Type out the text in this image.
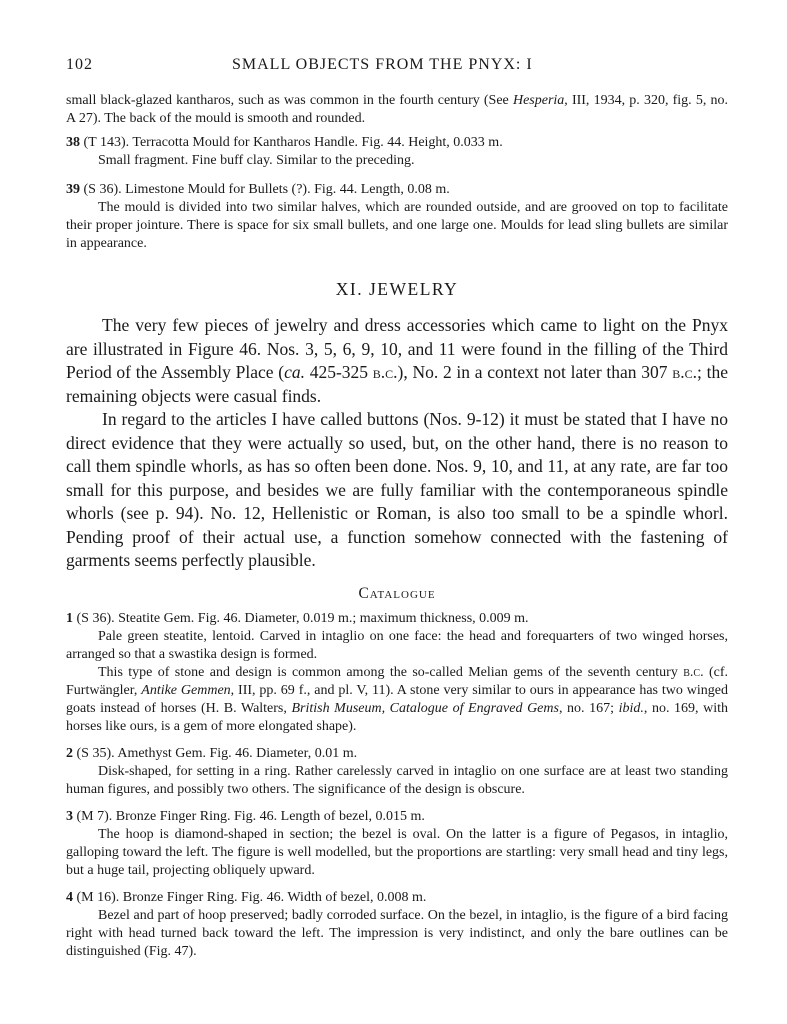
102	SMALL OBJECTS FROM THE PNYX: I
small black-glazed kantharos, such as was common in the fourth century (See Hesperia, III, 1934, p. 320, fig. 5, no. A 27). The back of the mould is smooth and rounded.
38 (T 143). Terracotta Mould for Kantharos Handle. Fig. 44. Height, 0.033 m.
Small fragment. Fine buff clay. Similar to the preceding.
39 (S 36). Limestone Mould for Bullets (?). Fig. 44. Length, 0.08 m.
The mould is divided into two similar halves, which are rounded outside, and are grooved on top to facilitate their proper jointure. There is space for six small bullets, and one large one. Moulds for lead sling bullets are similar in appearance.
XI. JEWELRY
The very few pieces of jewelry and dress accessories which came to light on the Pnyx are illustrated in Figure 46. Nos. 3, 5, 6, 9, 10, and 11 were found in the filling of the Third Period of the Assembly Place (ca. 425-325 b.c.), No. 2 in a context not later than 307 b.c.; the remaining objects were casual finds.
In regard to the articles I have called buttons (Nos. 9-12) it must be stated that I have no direct evidence that they were actually so used, but, on the other hand, there is no reason to call them spindle whorls, as has so often been done. Nos. 9, 10, and 11, at any rate, are far too small for this purpose, and besides we are fully familiar with the contemporaneous spindle whorls (see p. 94). No. 12, Hellenistic or Roman, is also too small to be a spindle whorl. Pending proof of their actual use, a function somehow connected with the fastening of garments seems perfectly plausible.
Catalogue
1 (S 36). Steatite Gem. Fig. 46. Diameter, 0.019 m.; maximum thickness, 0.009 m.
Pale green steatite, lentoid. Carved in intaglio on one face: the head and forequarters of two winged horses, arranged so that a swastika design is formed.
This type of stone and design is common among the so-called Melian gems of the seventh century b.c. (cf. Furtwängler, Antike Gemmen, III, pp. 69 f., and pl. V, 11). A stone very similar to ours in appearance has two winged goats instead of horses (H. B. Walters, British Museum, Catalogue of Engraved Gems, no. 167; ibid., no. 169, with horses like ours, is a gem of more elongated shape).
2 (S 35). Amethyst Gem. Fig. 46. Diameter, 0.01 m.
Disk-shaped, for setting in a ring. Rather carelessly carved in intaglio on one surface are at least two standing human figures, and possibly two others. The significance of the design is obscure.
3 (M 7). Bronze Finger Ring. Fig. 46. Length of bezel, 0.015 m.
The hoop is diamond-shaped in section; the bezel is oval. On the latter is a figure of Pegasos, in intaglio, galloping toward the left. The figure is well modelled, but the proportions are startling: very small head and tiny legs, but a huge tail, projecting obliquely upward.
4 (M 16). Bronze Finger Ring. Fig. 46. Width of bezel, 0.008 m.
Bezel and part of hoop preserved; badly corroded surface. On the bezel, in intaglio, is the figure of a bird facing right with head turned back toward the left. The impression is very indistinct, and only the bare outlines can be distinguished (Fig. 47).
